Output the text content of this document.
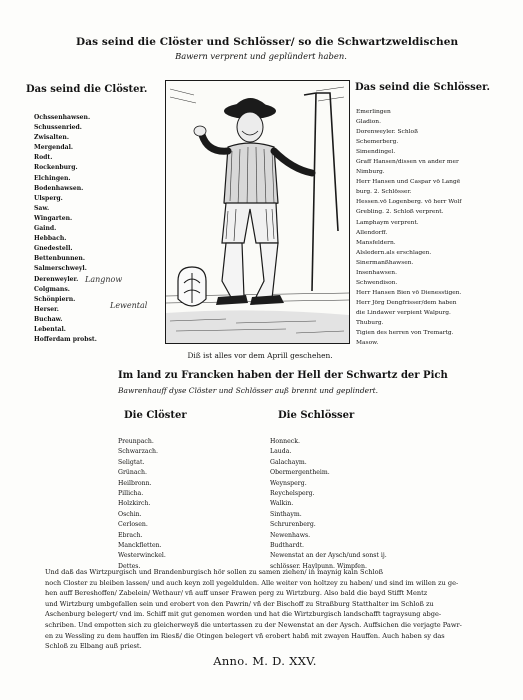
Das seind die Clöster und Schlösser/ so die Schwartzweldischen
Bawern verprent und geplündert haben.
Das seind die Clöster.	Das seind die Schlösser.
Ochssenhawsen.
Schussenried.
Zwisalten.
Mergendal.
Rodt.
Rockenburg.
Elchingen.
Bodenhawsen.
Ulsperg.
Saw.
Wingarten.
Gaind.
Hebbach.
Gnedestell.
Bettenbunnen.
Salmerschweyl.
Derenweyler.
Colgmans.
Schönpiern.
Herser.
Buchaw.
Lebental.
Hofferdam probst.
Langnow
Lewental
Emerlingen
Gladion.
Dorenweyler. Schloß
Schemerberg.
Simendingel.
Graff Hansen/dissen vn ander mer
Nimburg.
Herr Hansen und Caspar vō Langē
burg. 2. Schlösser.
Hessen.vō Logenberg. vō herr Wolf
Grebling. 2. Schloß verprent.
Lamphaym verprent.
Allendorff.
Mansfeldern.
Alsledern.als erschlagen.
Sinermanßhawsen.
Insenhawsen.
Schwendison.
Herr Hansen Bien vō Dienesstigen.
Herr Jörg Dengfrisser/dem haben
die Lindawer verpient Walpurg.
Thuburg.
Tigien des herren von Tremartg.
Masow.
Diß ist alles vor dem Aprill geschehen.
Im land zu Francken haben der Hell der Schwartz der Pich
Bawrenhauff dyse Clöster und Schlösser auß brennt und geplindert.
Die Clöster	Die Schlösser
Preunpach.
Schwarzach.
Seligtat.
Grünach.
Heilbronn.
Pillicha.
Holzkirch.
Oschin.
Cerlosen.
Ebrach.
Manckfletten.
Westerwinckel.
Dettes.
Honneck.
Lauda.
Galachaym.
Obermergentheim.
Weynsperg.
Reychelsperg.
Walkin.
Sinthaym.
Schrurenberg.
Newenhaws.
Budthardt.
Newenstat an der Aysch/und sonst ij.
schlösser. Haylpunn. Wimpfen.
Und daß das Wirtzpurgisch und Brandenburgisch hör sollen zu samen ziehen/ in maynig kain Schloß
noch Closter zu bleiben lassen/ und auch keyn zoll yegeldulden. Alle weiter von holtzey zu haben/ und sind im willen zu ge-
hen auff Bereshoffen/ Zabelein/ Wethaur/ vñ auff unser Frawen perg zu Wirtzburg. Also bald die bayd Stifft Mentz
und Wirtzburg umbgefallen sein und erobert von den Pawrin/ vñ der Bischoff zu Straßburg Statthalter im Schloß zu
Aschenburg belegert/ vnd im. Schiff mit gut genomen worden und hat die Wirtzburgisch landschafft tagraysung abge-
schriben. Und empotten sich zu gleicherweyß die untertassen zu der Newenstat an der Aysch. Auffsichen die verjagte Pawr-
en zu Wessling zu dem hauffen im Riesß/ die Otingen belegert vñ erobert habñ mit zwayen Hauffen. Auch haben sy das
Schloß zu Elbang auß priest.
Anno. M. D. XXV.
